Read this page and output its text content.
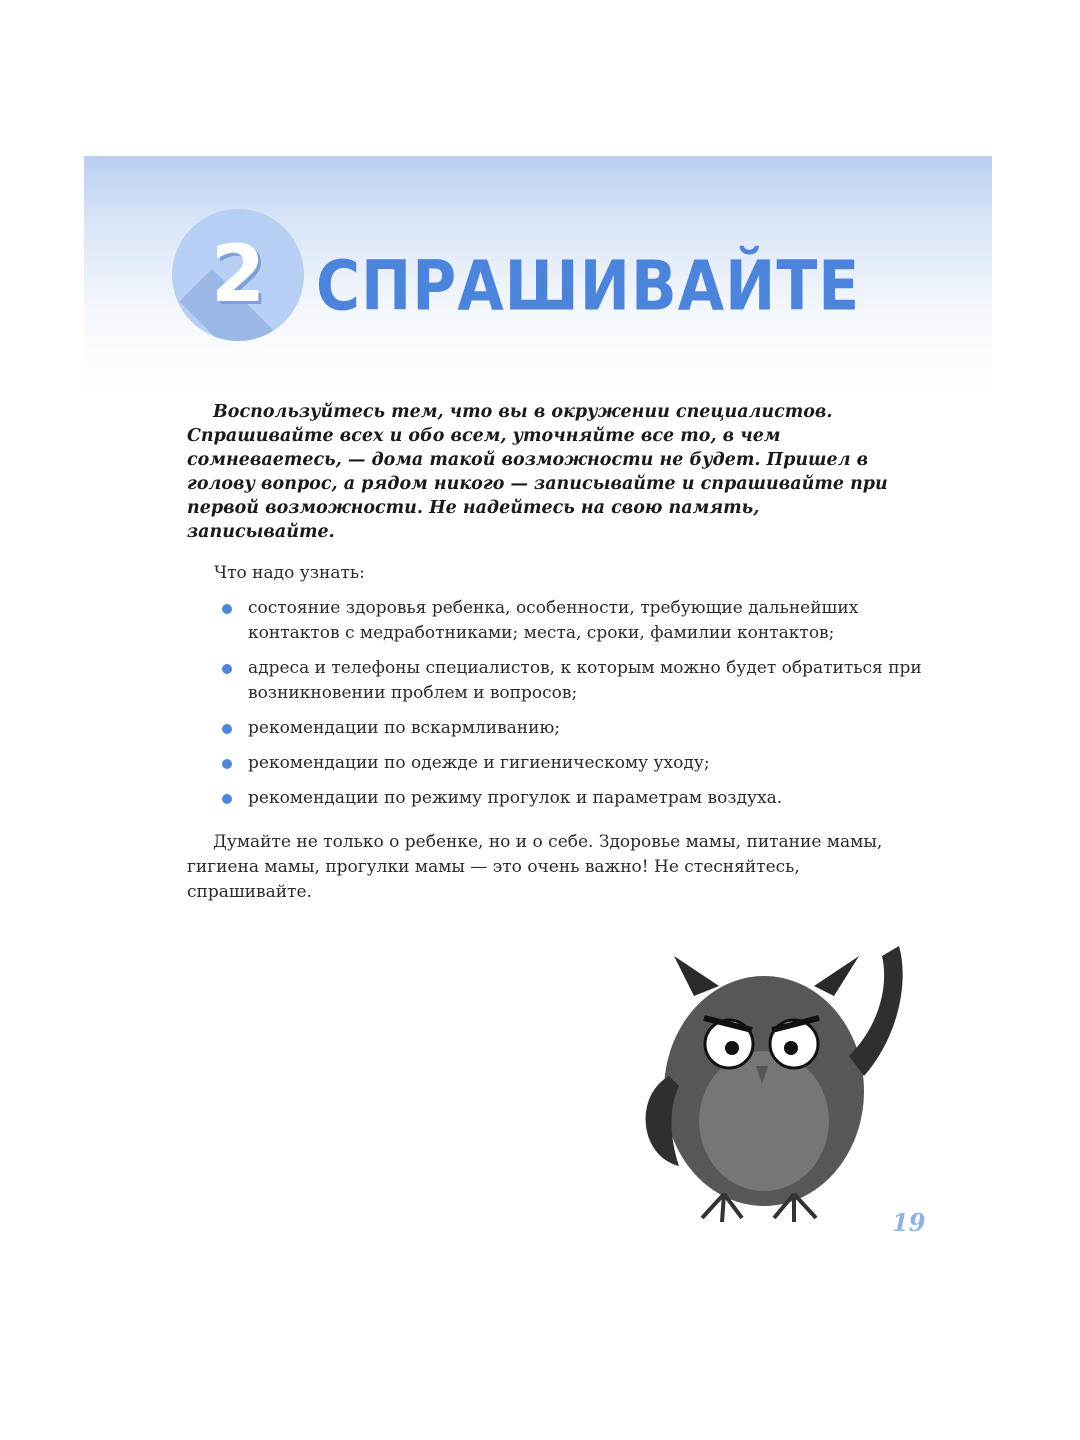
2 СПРАШИВАЙТЕ

Воспользуйтесь тем, что вы в окружении специалистов. Спрашивайте всех и обо всем, уточняйте все то, в чем сомневаетесь, — дома такой возможности не будет. Пришел в голову вопрос, а рядом никого — записывайте и спрашивайте при первой возможности. Не надейтесь на свою память, записывайте.

Что надо узнать:
состояние здоровья ребенка, особенности, требующие дальнейших контактов с медработниками; места, сроки, фамилии контактов;
адреса и телефоны специалистов, к которым можно будет обратиться при возникновении проблем и вопросов;
рекомендации по вскармливанию;
рекомендации по одежде и гигиеническому уходу;
рекомендации по режиму прогулок и параметрам воздуха.

Думайте не только о ребенке, но и о себе. Здоровье мамы, питание мамы, гигиена мамы, прогулки мамы — это очень важно! Не стесняйтесь, спрашивайте.

19
